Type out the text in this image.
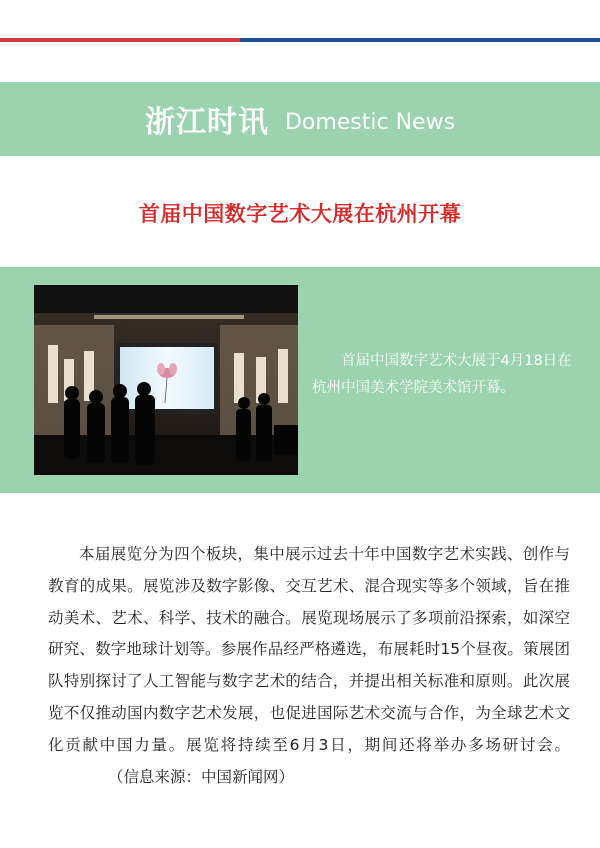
浙江时讯 Domestic News
首届中国数字艺术大展在杭州开幕
首届中国数字艺术大展于4月18日在杭州中国美术学院美术馆开幕。
本届展览分为四个板块，集中展示过去十年中国数字艺术实践、创作与教育的成果。展览涉及数字影像、交互艺术、混合现实等多个领域，旨在推动美术、艺术、科学、技术的融合。展览现场展示了多项前沿探索，如深空研究、数字地球计划等。参展作品经严格遴选，布展耗时15个昼夜。策展团队特别探讨了人工智能与数字艺术的结合，并提出相关标准和原则。此次展览不仅推动国内数字艺术发展，也促进国际艺术交流与合作，为全球艺术文化贡献中国力量。展览将持续至6月3日，期间还将举办多场研讨会。（信息来源：中国新闻网）
